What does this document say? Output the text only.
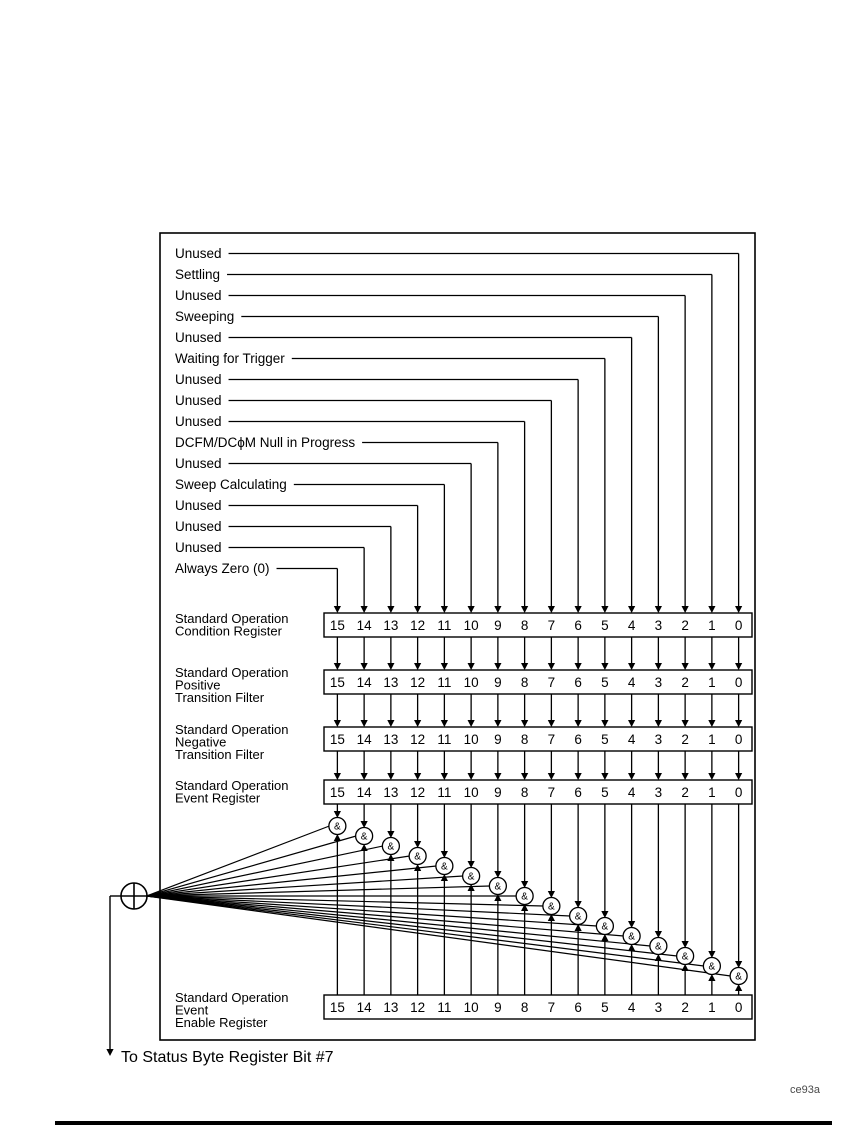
Unused
Settling
Unused
Sweeping
Unused
Waiting for Trigger
Unused
Unused
Unused
DCFM/DCϕM Null in Progress
Unused
Sweep Calculating
Unused
Unused
Unused
Always Zero (0)
15 14 13 12 11 10 9 8 7 6 5 4 3 2 1 0
Standard Operation
Condition Register
15 14 13 12 11 10 9 8 7 6 5 4 3 2 1 0
Standard Operation
Positive
Transition Filter
15 14 13 12 11 10 9 8 7 6 5 4 3 2 1 0
Standard Operation
Negative
Transition Filter
15 14 13 12 11 10 9 8 7 6 5 4 3 2 1 0
Standard Operation
Event Register
15 14 13 12 11 10 9 8 7 6 5 4 3 2 1 0
Standard Operation
Event
Enable Register
&
&
&
&
&
&
&
&
&
&
&
&
&
&
&
&
To Status Byte Register Bit #7
ce93a
